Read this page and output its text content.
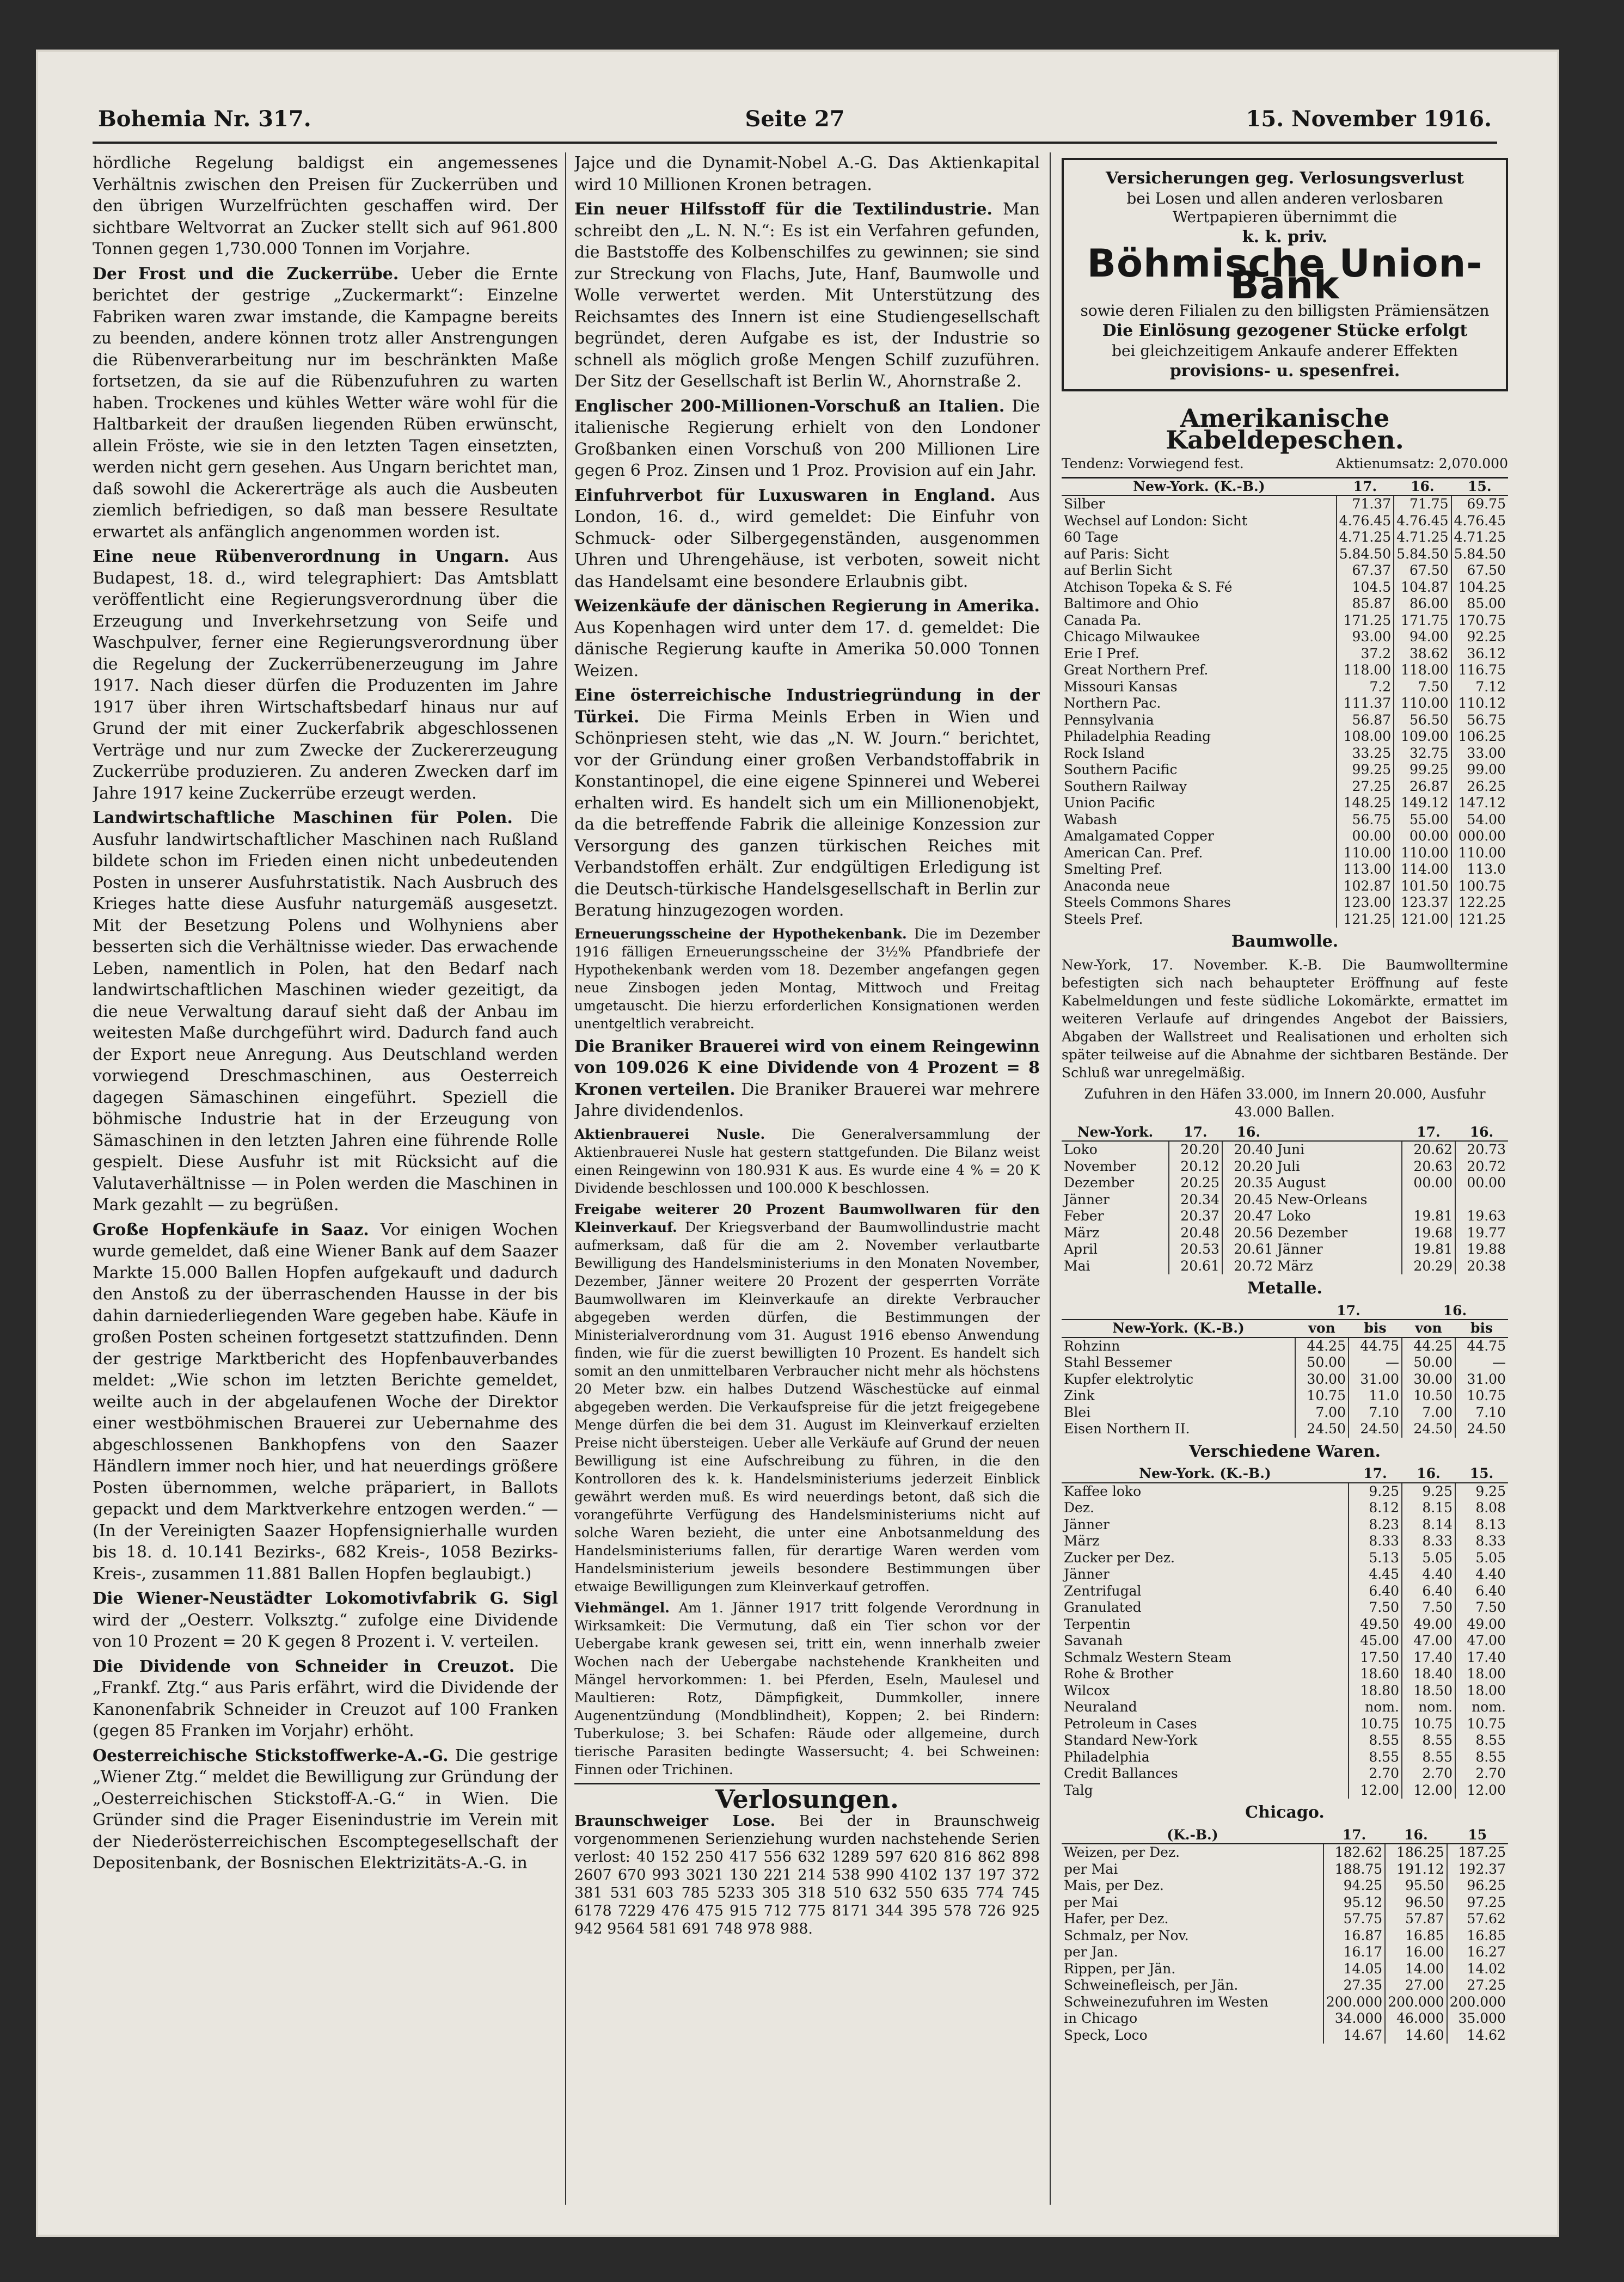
Bohemia Nr. 317.	Seite 27	15. November 1916.

hördliche Regelung baldigst ein angemessenes Verhältnis zwischen den Preisen für Zuckerrüben und den übrigen Wurzelfrüchten geschaffen wird. Der sichtbare Weltvorrat an Zucker stellt sich auf 961.800 Tonnen gegen 1,730.000 Tonnen im Vorjahre.

Der Frost und die Zuckerrübe. Ueber die Ernte berichtet der gestrige „Zuckermarkt“: Einzelne Fabriken waren zwar imstande, die Kampagne bereits zu beenden, andere können trotz aller Anstrengungen die Rübenverarbeitung nur im beschränkten Maße fortsetzen, da sie auf die Rübenzufuhren zu warten haben. Trockenes und kühles Wetter wäre wohl für die Haltbarkeit der draußen liegenden Rüben erwünscht, allein Fröste, wie sie in den letzten Tagen einsetzten, werden nicht gern gesehen. Aus Ungarn berichtet man, daß sowohl die Ackererträge als auch die Ausbeuten ziemlich befriedigen, so daß man bessere Resultate erwartet als anfänglich angenommen worden ist.

Eine neue Rübenverordnung in Ungarn. Aus Budapest, 18. d., wird telegraphiert: Das Amtsblatt veröffentlicht eine Regierungsverordnung über die Erzeugung und Inverkehrsetzung von Seife und Waschpulver, ferner eine Regierungsverordnung über die Regelung der Zuckerrübenerzeugung im Jahre 1917. Nach dieser dürfen die Produzenten im Jahre 1917 über ihren Wirtschaftsbedarf hinaus nur auf Grund der mit einer Zuckerfabrik abgeschlossenen Verträge und nur zum Zwecke der Zuckererzeugung Zuckerrübe produzieren. Zu anderen Zwecken darf im Jahre 1917 keine Zuckerrübe erzeugt werden.

Landwirtschaftliche Maschinen für Polen. Die Ausfuhr landwirtschaftlicher Maschinen nach Rußland bildete schon im Frieden einen nicht unbedeutenden Posten in unserer Ausfuhrstatistik. Nach Ausbruch des Krieges hatte diese Ausfuhr naturgemäß ausgesetzt. Mit der Besetzung Polens und Wolhyniens aber besserten sich die Verhältnisse wieder. Das erwachende Leben, namentlich in Polen, hat den Bedarf nach landwirtschaftlichen Maschinen wieder gezeitigt, da die neue Verwaltung darauf sieht daß der Anbau im weitesten Maße durchgeführt wird. Dadurch fand auch der Export neue Anregung. Aus Deutschland werden vorwiegend Dreschmaschinen, aus Oesterreich dagegen Sämaschinen eingeführt. Speziell die böhmische Industrie hat in der Erzeugung von Sämaschinen in den letzten Jahren eine führende Rolle gespielt. Diese Ausfuhr ist mit Rücksicht auf die Valutaverhältnisse — in Polen werden die Maschinen in Mark gezahlt — zu begrüßen.

Große Hopfenkäufe in Saaz. Vor einigen Wochen wurde gemeldet, daß eine Wiener Bank auf dem Saazer Markte 15.000 Ballen Hopfen aufgekauft und dadurch den Anstoß zu der überraschenden Hausse in der bis dahin darniederliegenden Ware gegeben habe. Käufe in großen Posten scheinen fortgesetzt stattzufinden. Denn der gestrige Marktbericht des Hopfenbauverbandes meldet: „Wie schon im letzten Berichte gemeldet, weilte auch in der abgelaufenen Woche der Direktor einer westböhmischen Brauerei zur Uebernahme des abgeschlossenen Bankhopfens von den Saazer Händlern immer noch hier, und hat neuerdings größere Posten übernommen, welche präpariert, in Ballots gepackt und dem Marktverkehre entzogen werden.“ — (In der Vereinigten Saazer Hopfensignierhalle wurden bis 18. d. 10.141 Bezirks-, 682 Kreis-, 1058 Bezirks-Kreis-, zusammen 11.881 Ballen Hopfen beglaubigt.)

Die Wiener-Neustädter Lokomotivfabrik G. Sigl wird der „Oesterr. Volksztg.“ zufolge eine Dividende von 10 Prozent = 20 K gegen 8 Prozent i. V. verteilen.

Die Dividende von Schneider in Creuzot. Die „Frankf. Ztg.“ aus Paris erfährt, wird die Dividende der Kanonenfabrik Schneider in Creuzot auf 100 Franken (gegen 85 Franken im Vorjahr) erhöht.

Oesterreichische Stickstoffwerke-A.-G. Die gestrige „Wiener Ztg.“ meldet die Bewilligung zur Gründung der „Oesterreichischen Stickstoff-A.-G.“ in Wien. Die Gründer sind die Prager Eisenindustrie im Verein mit der Niederösterreichischen Escomptegesellschaft der Depositenbank, der Bosnischen Elektrizitäts-A.-G. in

Jajce und die Dynamit-Nobel A.-G. Das Aktienkapital wird 10 Millionen Kronen betragen.

Ein neuer Hilfsstoff für die Textilindustrie. Man schreibt den „L. N. N.“: Es ist ein Verfahren gefunden, die Baststoffe des Kolbenschilfes zu gewinnen; sie sind zur Streckung von Flachs, Jute, Hanf, Baumwolle und Wolle verwertet werden. Mit Unterstützung des Reichsamtes des Innern ist eine Studiengesellschaft begründet, deren Aufgabe es ist, der Industrie so schnell als möglich große Mengen Schilf zuzuführen. Der Sitz der Gesellschaft ist Berlin W., Ahornstraße 2.

Englischer 200-Millionen-Vorschuß an Italien. Die italienische Regierung erhielt von den Londoner Großbanken einen Vorschuß von 200 Millionen Lire gegen 6 Proz. Zinsen und 1 Proz. Provision auf ein Jahr.

Einfuhrverbot für Luxuswaren in England. Aus London, 16. d., wird gemeldet: Die Einfuhr von Schmuck- oder Silbergegenständen, ausgenommen Uhren und Uhrengehäuse, ist verboten, soweit nicht das Handelsamt eine besondere Erlaubnis gibt.

Weizenkäufe der dänischen Regierung in Amerika. Aus Kopenhagen wird unter dem 17. d. gemeldet: Die dänische Regierung kaufte in Amerika 50.000 Tonnen Weizen.

Eine österreichische Industriegründung in der Türkei. Die Firma Meinls Erben in Wien und Schönpriesen steht, wie das „N. W. Journ.“ berichtet, vor der Gründung einer großen Verbandstoffabrik in Konstantinopel, die eine eigene Spinnerei und Weberei erhalten wird. Es handelt sich um ein Millionenobjekt, da die betreffende Fabrik die alleinige Konzession zur Versorgung des ganzen türkischen Reiches mit Verbandstoffen erhält. Zur endgültigen Erledigung ist die Deutsch-türkische Handelsgesellschaft in Berlin zur Beratung hinzugezogen worden.

Erneuerungsscheine der Hypothekenbank. Die im Dezember 1916 fälligen Erneuerungsscheine der 3½% Pfandbriefe der Hypothekenbank werden vom 18. Dezember angefangen gegen neue Zinsbogen jeden Montag, Mittwoch und Freitag umgetauscht. Die hierzu erforderlichen Konsignationen werden unentgeltlich verabreicht.

Die Braniker Brauerei wird von einem Reingewinn von 109.026 K eine Dividende von 4 Prozent = 8 Kronen verteilen. Die Braniker Brauerei war mehrere Jahre dividendenlos.

Aktienbrauerei Nusle. Die Generalversammlung der Aktienbrauerei Nusle hat gestern stattgefunden. Die Bilanz weist einen Reingewinn von 180.931 K aus. Es wurde eine 4 % = 20 K Dividende beschlossen und 100.000 K beschlossen.

Freigabe weiterer 20 Prozent Baumwollwaren für den Kleinverkauf. Der Kriegsverband der Baumwollindustrie macht aufmerksam, daß für die am 2. November verlautbarte Bewilligung des Handelsministeriums in den Monaten November, Dezember, Jänner weitere 20 Prozent der gesperrten Vorräte Baumwollwaren im Kleinverkaufe an direkte Verbraucher abgegeben werden dürfen, die Bestimmungen der Ministerialverordnung vom 31. August 1916 ebenso Anwendung finden, wie für die zuerst bewilligten 10 Prozent. Es handelt sich somit an den unmittelbaren Verbraucher nicht mehr als höchstens 20 Meter bzw. ein halbes Dutzend Wäschestücke auf einmal abgegeben werden. Die Verkaufspreise für die jetzt freigegebene Menge dürfen die bei dem 31. August im Kleinverkauf erzielten Preise nicht übersteigen. Ueber alle Verkäufe auf Grund der neuen Bewilligung ist eine Aufschreibung zu führen, in die den Kontrolloren des k. k. Handelsministeriums jederzeit Einblick gewährt werden muß. Es wird neuerdings betont, daß sich die vorangeführte Verfügung des Handelsministeriums nicht auf solche Waren bezieht, die unter eine Anbotsanmeldung des Handelsministeriums fallen, für derartige Waren werden vom Handelsministerium jeweils besondere Bestimmungen über etwaige Bewilligungen zum Kleinverkauf getroffen.

Viehmängel. Am 1. Jänner 1917 tritt folgende Verordnung in Wirksamkeit: Die Vermutung, daß ein Tier schon vor der Uebergabe krank gewesen sei, tritt ein, wenn innerhalb zweier Wochen nach der Uebergabe nachstehende Krankheiten und Mängel hervorkommen: 1. bei Pferden, Eseln, Maulesel und Maultieren: Rotz, Dämpfigkeit, Dummkoller, innere Augenentzündung (Mondblindheit), Koppen; 2. bei Rindern: Tuberkulose; 3. bei Schafen: Räude oder allgemeine, durch tierische Parasiten bedingte Wassersucht; 4. bei Schweinen: Finnen oder Trichinen.

Verlosungen.

Braunschweiger Lose. Bei der in Braunschweig vorgenommenen Serienziehung wurden nachstehende Serien verlost: 40 152 250 417 556 632 1289 597 620 816 862 898 2607 670 993 3021 130 221 214 538 990 4102 137 197 372 381 531 603 785 5233 305 318 510 632 550 635 774 745 6178 7229 476 475 915 712 775 8171 344 395 578 726 925 942 9564 581 691 748 978 988.

Versicherungen geg. Verlosungsverlust
bei Losen und allen anderen verlosbaren Wertpapieren übernimmt die
k. k. priv.
Böhmische Union-Bank
sowie deren Filialen zu den billigsten Prämiensätzen
Die Einlösung gezogener Stücke erfolgt
bei gleichzeitigem Ankaufe anderer Effekten
provisions- u. spesenfrei.
Amerikanische Kabeldepeschen.
Tendenz: Vorwiegend fest.	Aktienumsatz: 2,070.000
New-York. (K.-B.)	17.	16.	15.
Silber	71.37	71.75	69.75
Wechsel auf London: Sicht	4.76.45	4.76.45	4.76.45
60 Tage	4.71.25	4.71.25	4.71.25
auf Paris: Sicht	5.84.50	5.84.50	5.84.50
auf Berlin Sicht	67.37	67.50	67.50
Atchison Topeka & S. Fé	104.5	104.87	104.25
Baltimore and Ohio	85.87	86.00	85.00
Canada Pa.	171.25	171.75	170.75
Chicago Milwaukee	93.00	94.00	92.25
Erie I Pref.	37.2	38.62	36.12
Great Northern Pref.	118.00	118.00	116.75
Missouri Kansas	7.2	7.50	7.12
Northern Pac.	111.37	110.00	110.12
Pennsylvania	56.87	56.50	56.75
Philadelphia Reading	108.00	109.00	106.25
Rock Island	33.25	32.75	33.00
Southern Pacific	99.25	99.25	99.00
Southern Railway	27.25	26.87	26.25
Union Pacific	148.25	149.12	147.12
Wabash	56.75	55.00	54.00
Amalgamated Copper	00.00	00.00	000.00
American Can. Pref.	110.00	110.00	110.00
Smelting Pref.	113.00	114.00	113.0
Anaconda neue	102.87	101.50	100.75
Steels Commons Shares	123.00	123.37	122.25
Steels Pref.	121.25	121.00	121.25
Baumwolle.

New-York, 17. November. K.-B. Die Baumwolltermine befestigten sich nach behaupteter Eröffnung auf feste Kabelmeldungen und feste südliche Lokomärkte, ermattet im weiteren Verlaufe auf dringendes Angebot der Baissiers, Abgaben der Wallstreet und Realisationen und erholten sich später teilweise auf die Abnahme der sichtbaren Bestände. Der Schluß war unregelmäßig.

Zufuhren in den Häfen 33.000, im Innern 20.000, Ausfuhr 43.000 Ballen.

New-York.	17.	16.		17.	16.
Loko	20.20	20.40	Juni	20.62	20.73
November	20.12	20.20	Juli	20.63	20.72
Dezember	20.25	20.35	August	00.00	00.00
Jänner	20.34	20.45	New-Orleans		
Feber	20.37	20.47	Loko	19.81	19.63
März	20.48	20.56	Dezember	19.68	19.77
April	20.53	20.61	Jänner	19.81	19.88
Mai	20.61	20.72	März	20.29	20.38
Metalle.
	17.		16.	
New-York. (K.-B.)	von	bis	von	bis
Rohzinn	44.25	44.75	44.25	44.75
Stahl Bessemer	50.00	—	50.00	—
Kupfer elektrolytic	30.00	31.00	30.00	31.00
Zink	10.75	11.0	10.50	10.75
Blei	7.00	7.10	7.00	7.10
Eisen Northern II.	24.50	24.50	24.50	24.50
Verschiedene Waren.
New-York. (K.-B.)	17.	16.	15.
Kaffee loko	9.25	9.25	9.25
Dez.	8.12	8.15	8.08
Jänner	8.23	8.14	8.13
März	8.33	8.33	8.33
Zucker per Dez.	5.13	5.05	5.05
Jänner	4.45	4.40	4.40
Zentrifugal	6.40	6.40	6.40
Granulated	7.50	7.50	7.50
Terpentin	49.50	49.00	49.00
Savanah	45.00	47.00	47.00
Schmalz Western Steam	17.50	17.40	17.40
Rohe & Brother	18.60	18.40	18.00
Wilcox	18.80	18.50	18.00
Neuraland	nom.	nom.	nom.
Petroleum in Cases	10.75	10.75	10.75
Standard New-York	8.55	8.55	8.55
Philadelphia	8.55	8.55	8.55
Credit Ballances	2.70	2.70	2.70
Talg	12.00	12.00	12.00
Chicago.
(K.-B.)	17.	16.	15
Weizen, per Dez.	182.62	186.25	187.25
per Mai	188.75	191.12	192.37
Mais, per Dez.	94.25	95.50	96.25
per Mai	95.12	96.50	97.25
Hafer, per Dez.	57.75	57.87	57.62
Schmalz, per Nov.	16.87	16.85	16.85
per Jan.	16.17	16.00	16.27
Rippen, per Jän.	14.05	14.00	14.02
Schweinefleisch, per Jän.	27.35	27.00	27.25
Schweinezufuhren im Westen	200.000	200.000	200.000
in Chicago	34.000	46.000	35.000
Speck, Loco	14.67	14.60	14.62
